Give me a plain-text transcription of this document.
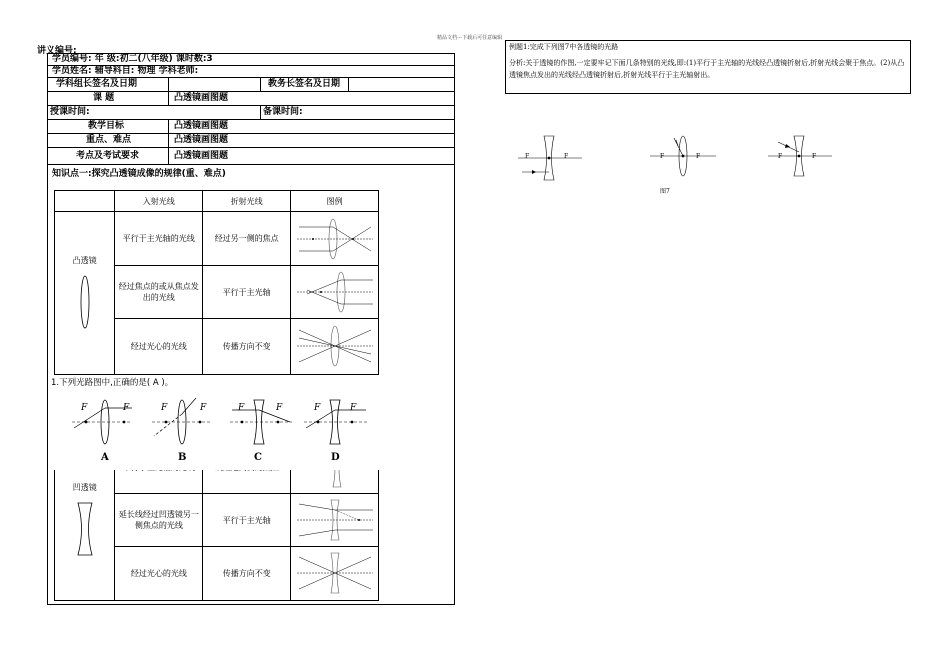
精品文档---下载后可任意编辑
讲义编号:
学员编号: 年 级:初二(八年级) 课时数:3
学员姓名: 辅导科目: 物理 学科老师:
学科组长签名及日期	教务长签名及日期
课 题	凸透镜画图题
授课时间:	备课时间:
教学目标	凸透镜画图题
重点、难点	凸透镜画图题
考点及考试要求	凸透镜画图题
知识点一:探究凸透镜成像的规律(重、难点)
	入射光线	折射光线	图例

凸透镜	平行于主光轴的光线	经过另一侧的焦点	
	经过焦点的或从焦点发出的光线	平行于主光轴	
	经过光心的光线	传播方向不变	
1.下列光路图中,正确的是( A )。
凹透镜

	延长线经过凹透镜另一侧焦点的光线	平行于主光轴	
	经过光心的光线	传播方向不变	
F	F	F	F	F	F	F	F
A	B	C	D
例题1:完成下列图7中各透镜的光路
分析:关于透镜的作图,一定要牢记下面几条特别的光线,即:(1)平行于主光轴的光线经凸透镜折射后,折射光线会聚于焦点。(2)从凸透镜焦点发出的光线经凸透镜折射后,折射光线平行于主光轴射出。
F	F	F	F	F	F
图7
